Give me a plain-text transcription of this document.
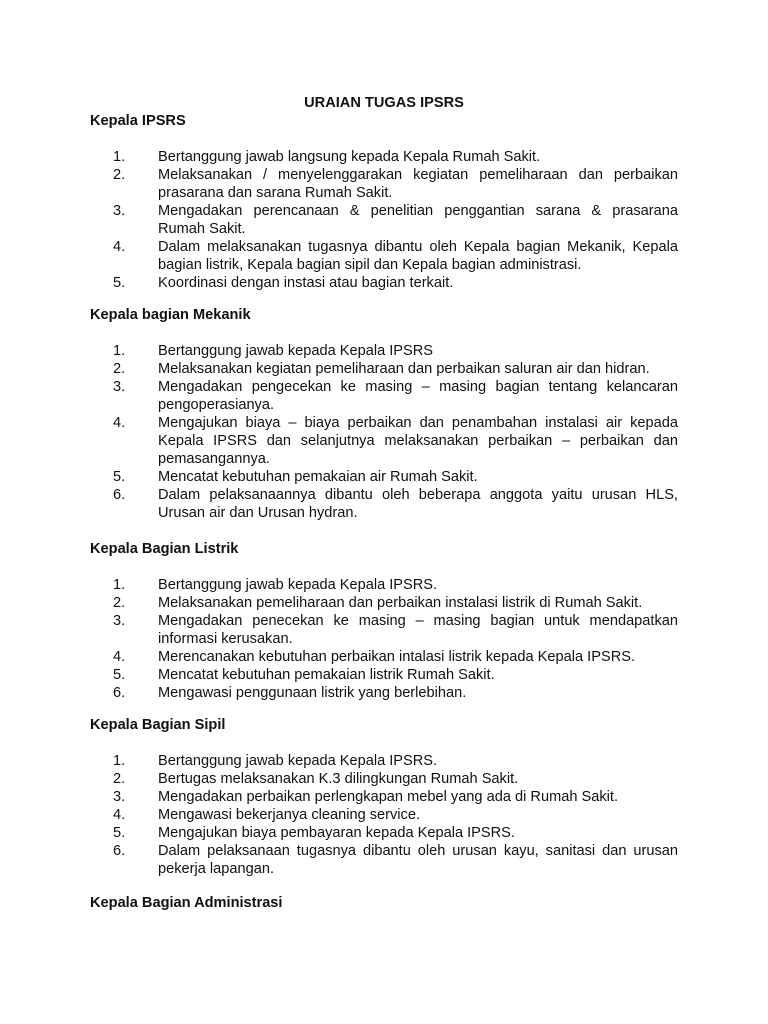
URAIAN TUGAS IPSRS
Kepala IPSRS
1.	Bertanggung jawab langsung kepada Kepala Rumah Sakit.
2.	Melaksanakan / menyelenggarakan kegiatan pemeliharaan dan perbaikan prasarana dan sarana Rumah Sakit.
3.	Mengadakan perencanaan & penelitian penggantian sarana & prasarana Rumah Sakit.
4.	Dalam melaksanakan tugasnya dibantu oleh Kepala bagian Mekanik, Kepala bagian listrik, Kepala bagian sipil dan Kepala bagian administrasi.
5.	Koordinasi dengan instasi atau bagian terkait.
Kepala bagian Mekanik
1.	Bertanggung jawab kepada Kepala IPSRS
2.	Melaksanakan kegiatan pemeliharaan dan perbaikan saluran air dan hidran.
3.	Mengadakan pengecekan ke masing – masing bagian tentang kelancaran pengoperasianya.
4.	Mengajukan biaya – biaya perbaikan dan penambahan instalasi air kepada Kepala IPSRS dan selanjutnya melaksanakan perbaikan – perbaikan dan pemasangannya.
5.	Mencatat kebutuhan pemakaian air Rumah Sakit.
6.	Dalam pelaksanaannya dibantu oleh beberapa anggota yaitu urusan HLS, Urusan air dan Urusan hydran.
Kepala Bagian Listrik
1.	Bertanggung jawab kepada Kepala IPSRS.
2.	Melaksanakan pemeliharaan dan perbaikan instalasi listrik di Rumah Sakit.
3.	Mengadakan penecekan ke masing – masing bagian untuk mendapatkan informasi kerusakan.
4.	Merencanakan kebutuhan perbaikan intalasi listrik kepada Kepala IPSRS.
5.	Mencatat kebutuhan pemakaian listrik Rumah Sakit.
6.	Mengawasi penggunaan listrik yang berlebihan.
Kepala Bagian Sipil
1.	Bertanggung jawab kepada Kepala IPSRS.
2.	Bertugas melaksanakan K.3 dilingkungan Rumah Sakit.
3.	Mengadakan perbaikan perlengkapan mebel yang ada di Rumah Sakit.
4.	Mengawasi bekerjanya cleaning service.
5.	Mengajukan biaya pembayaran kepada Kepala IPSRS.
6.	Dalam pelaksanaan tugasnya dibantu oleh urusan kayu, sanitasi dan urusan pekerja lapangan.
Kepala Bagian Administrasi
